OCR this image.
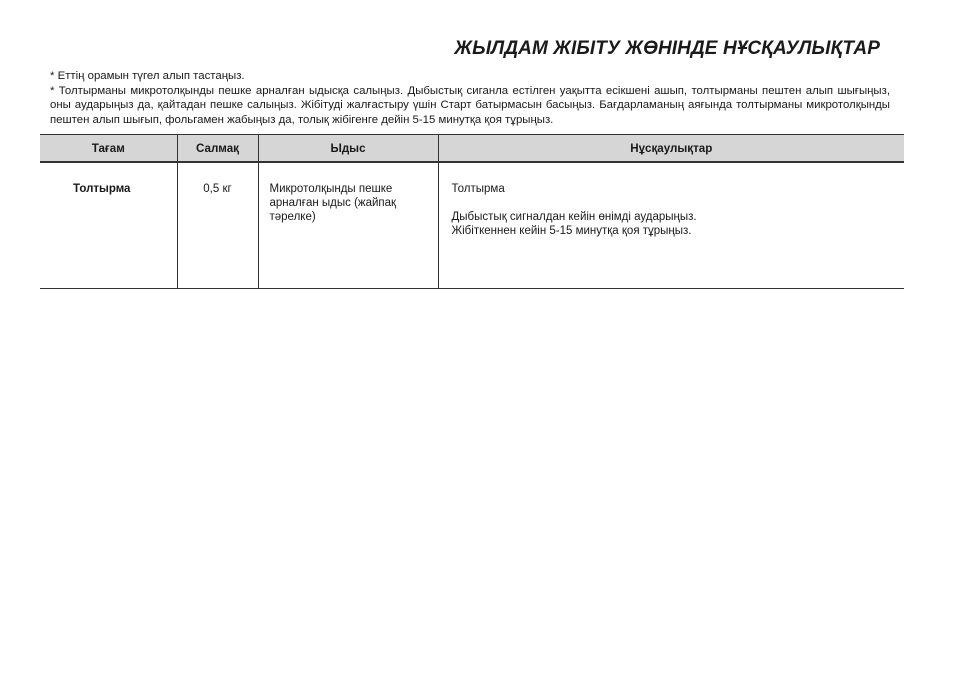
ЖЫЛДАМ ЖІБІТУ ЖӨНІНДЕ НҰСҚАУЛЫҚТАР

* Еттің орамын түгел алып тастаңыз.

* Толтырманы микротолқынды пешке арналған ыдысқа салыңыз. Дыбыстық сиганла естілген уақытта есікшені ашып, толтырманы пештен алып шығыңыз, оны аударыңыз да, қайтадан пешке салыңыз. Жібітуді жалғастыру үшін Старт батырмасын басыңыз. Бағдарламаның аяғында толтырманы микротолқынды пештен алып шығып, фольгамен жабыңыз да, толық жібігенге дейін 5-15 минутқа қоя тұрыңыз.

Тағам	Салмақ	Ыдыс	Нұсқаулықтар
Толтырма	0,5 кг	Микротолқынды пешке арналған ыдыс (жайпақ тәрелке)	Толтырма
Дыбыстық сигналдан кейін өнімді аударыңыз.
Жібіткеннен кейін 5-15 минутқа қоя тұрыңыз.
